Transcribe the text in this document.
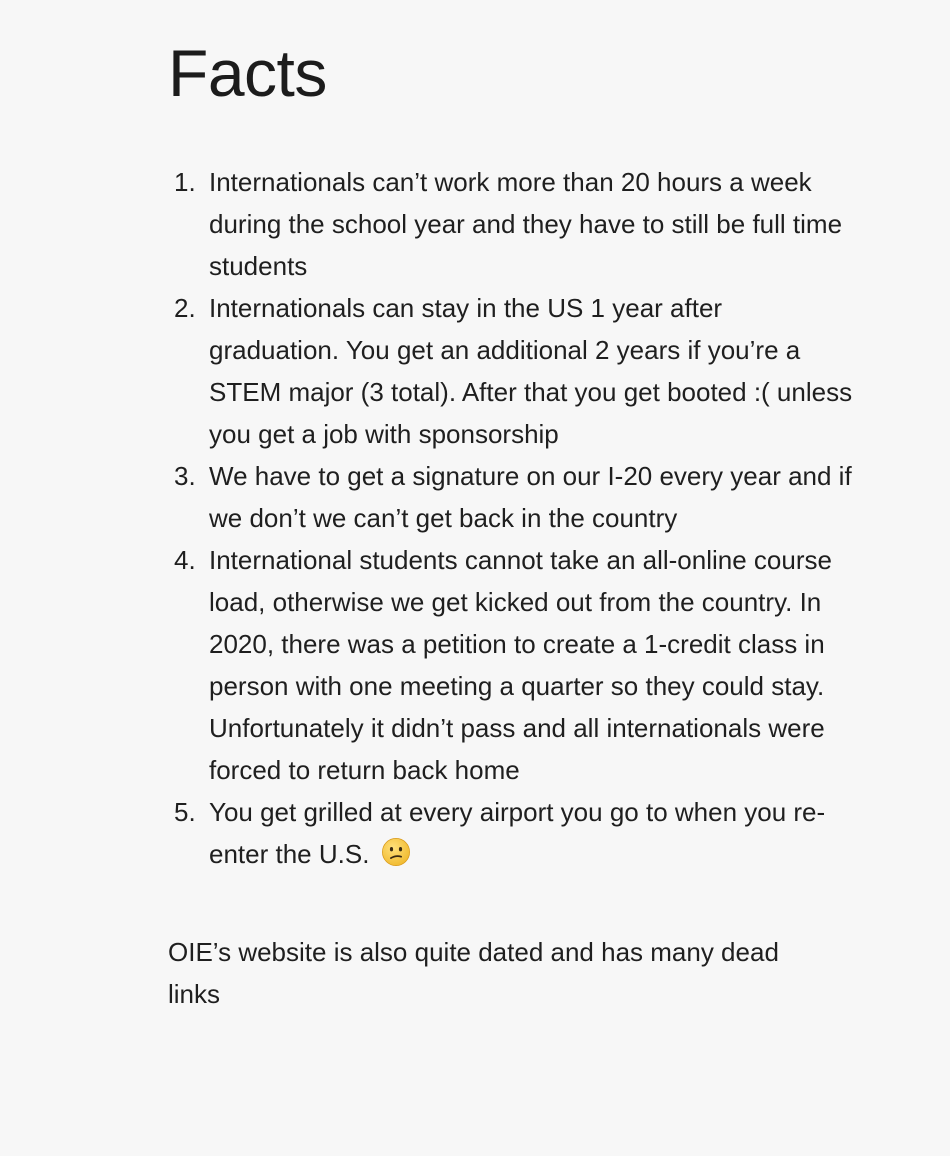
Facts
1. Internationals can’t work more than 20 hours a week during the school year and they have to still be full time students
2. Internationals can stay in the US 1 year after graduation. You get an additional 2 years if you’re a STEM major (3 total). After that you get booted :( unless you get a job with sponsorship
3. We have to get a signature on our I-20 every year and if we don’t we can’t get back in the country
4. International students cannot take an all-online course load, otherwise we get kicked out from the country. In 2020, there was a petition to create a 1-credit class in person with one meeting a quarter so they could stay. Unfortunately it didn’t pass and all internationals were forced to return back home
5. You get grilled at every airport you go to when you re-enter the U.S.

OIE’s website is also quite dated and has many dead links
